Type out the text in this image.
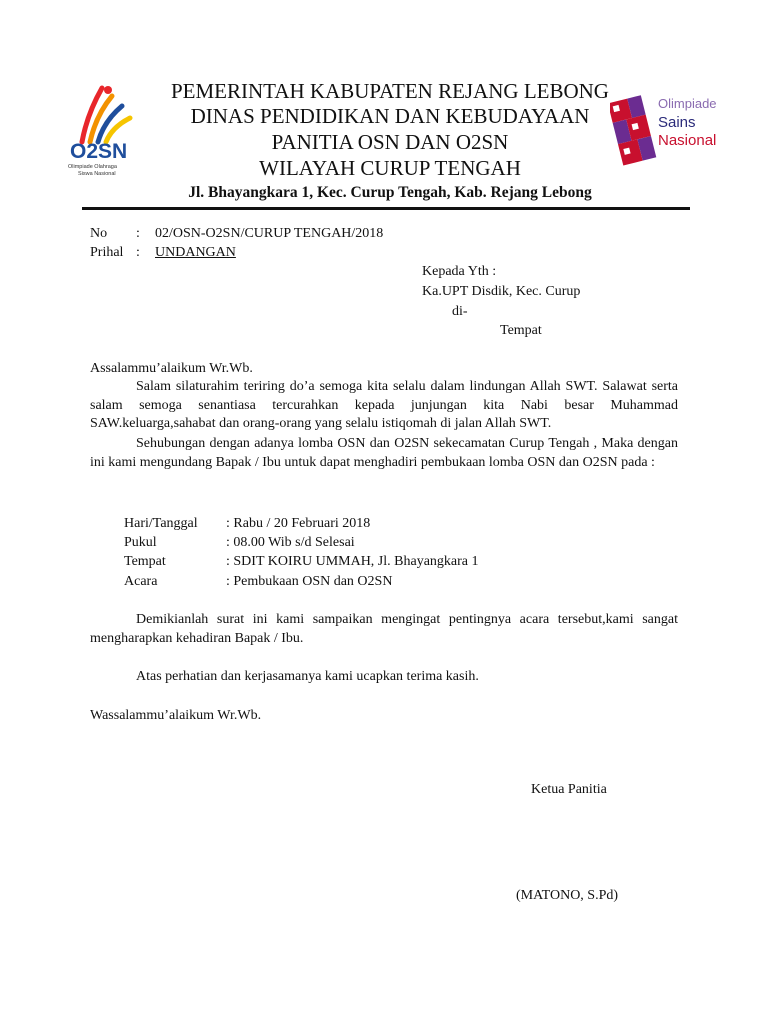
O2SN
Olimpiade Olahraga
Siswa Nasional
Olimpiade
Sains
Nasional
PEMERINTAH KABUPATEN REJANG LEBONG
DINAS PENDIDIKAN DAN KEBUDAYAAN
PANITIA OSN DAN O2SN
WILAYAH CURUP TENGAH
Jl. Bhayangkara 1, Kec. Curup Tengah, Kab. Rejang Lebong
No : 02/OSN-O2SN/CURUP TENGAH/2018
Prihal : UNDANGAN
Kepada Yth :
Ka.UPT Disdik, Kec. Curup
di-
Tempat
Assalammu’alaikum Wr.Wb.
Salam silaturahim teriring do’a semoga kita selalu dalam lindungan Allah SWT. Salawat serta salam semoga senantiasa tercurahkan kepada junjungan kita Nabi besar Muhammad SAW.keluarga,sahabat dan orang-orang yang selalu istiqomah di jalan Allah SWT.
Sehubungan dengan adanya lomba OSN dan O2SN sekecamatan Curup Tengah , Maka dengan ini kami mengundang Bapak / Ibu untuk dapat menghadiri pembukaan lomba OSN dan O2SN pada :
Hari/Tanggal : Rabu / 20 Februari 2018
Pukul	: 08.00 Wib s/d Selesai
Tempat	: SDIT KOIRU UMMAH, Jl. Bhayangkara 1
Acara	: Pembukaan OSN dan O2SN
Demikianlah surat ini kami sampaikan mengingat pentingnya acara tersebut,kami sangat mengharapkan kehadiran Bapak / Ibu.
Atas perhatian dan kerjasamanya kami ucapkan terima kasih.
Wassalammu’alaikum Wr.Wb.
Ketua Panitia
(MATONO, S.Pd)
